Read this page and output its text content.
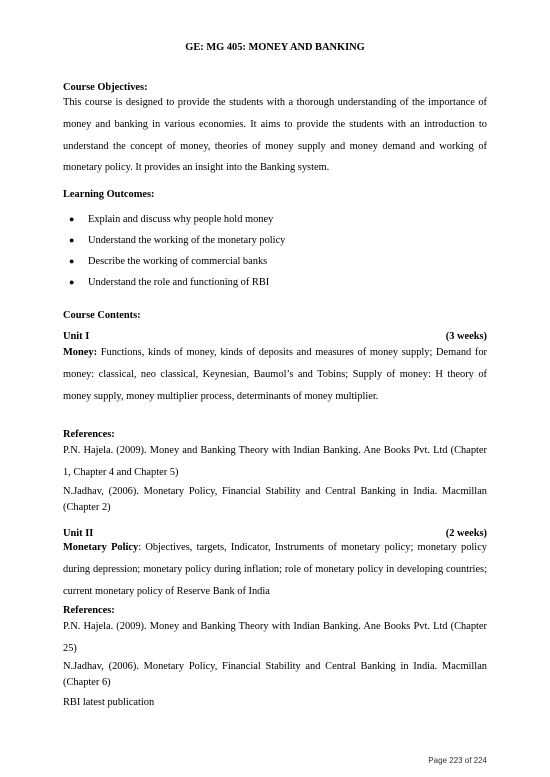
GE: MG 405: MONEY AND BANKING
Course Objectives:
This course is designed to provide the students with a thorough understanding of the importance of money and banking in various economies. It aims to provide the students with an introduction to understand the concept of money, theories of money supply and money demand and working of monetary policy. It provides an insight into the Banking system.
Learning Outcomes:
● Explain and discuss why people hold money
● Understand the working of the monetary policy
● Describe the working of commercial banks
● Understand the role and functioning of RBI
Course Contents:
Unit I	(3 weeks)
Money: Functions, kinds of money, kinds of deposits and measures of money supply; Demand for money: classical, neo classical, Keynesian, Baumol’s and Tobins; Supply of money: H theory of money supply, money multiplier process, determinants of money multiplier.
References:
P.N. Hajela. (2009). Money and Banking Theory with Indian Banking. Ane Books Pvt. Ltd (Chapter 1, Chapter 4 and Chapter 5)
N.Jadhav, (2006). Monetary Policy, Financial Stability and Central Banking in India. Macmillan (Chapter 2)
Unit II	(2 weeks)
Monetary Policy: Objectives, targets, Indicator, Instruments of monetary policy; monetary policy during depression; monetary policy during inflation; role of monetary policy in developing countries; current monetary policy of Reserve Bank of India
References:
P.N. Hajela. (2009). Money and Banking Theory with Indian Banking. Ane Books Pvt. Ltd (Chapter 25)
N.Jadhav, (2006). Monetary Policy, Financial Stability and Central Banking in India. Macmillan (Chapter 6)
RBI latest publication
Page 223 of 224
